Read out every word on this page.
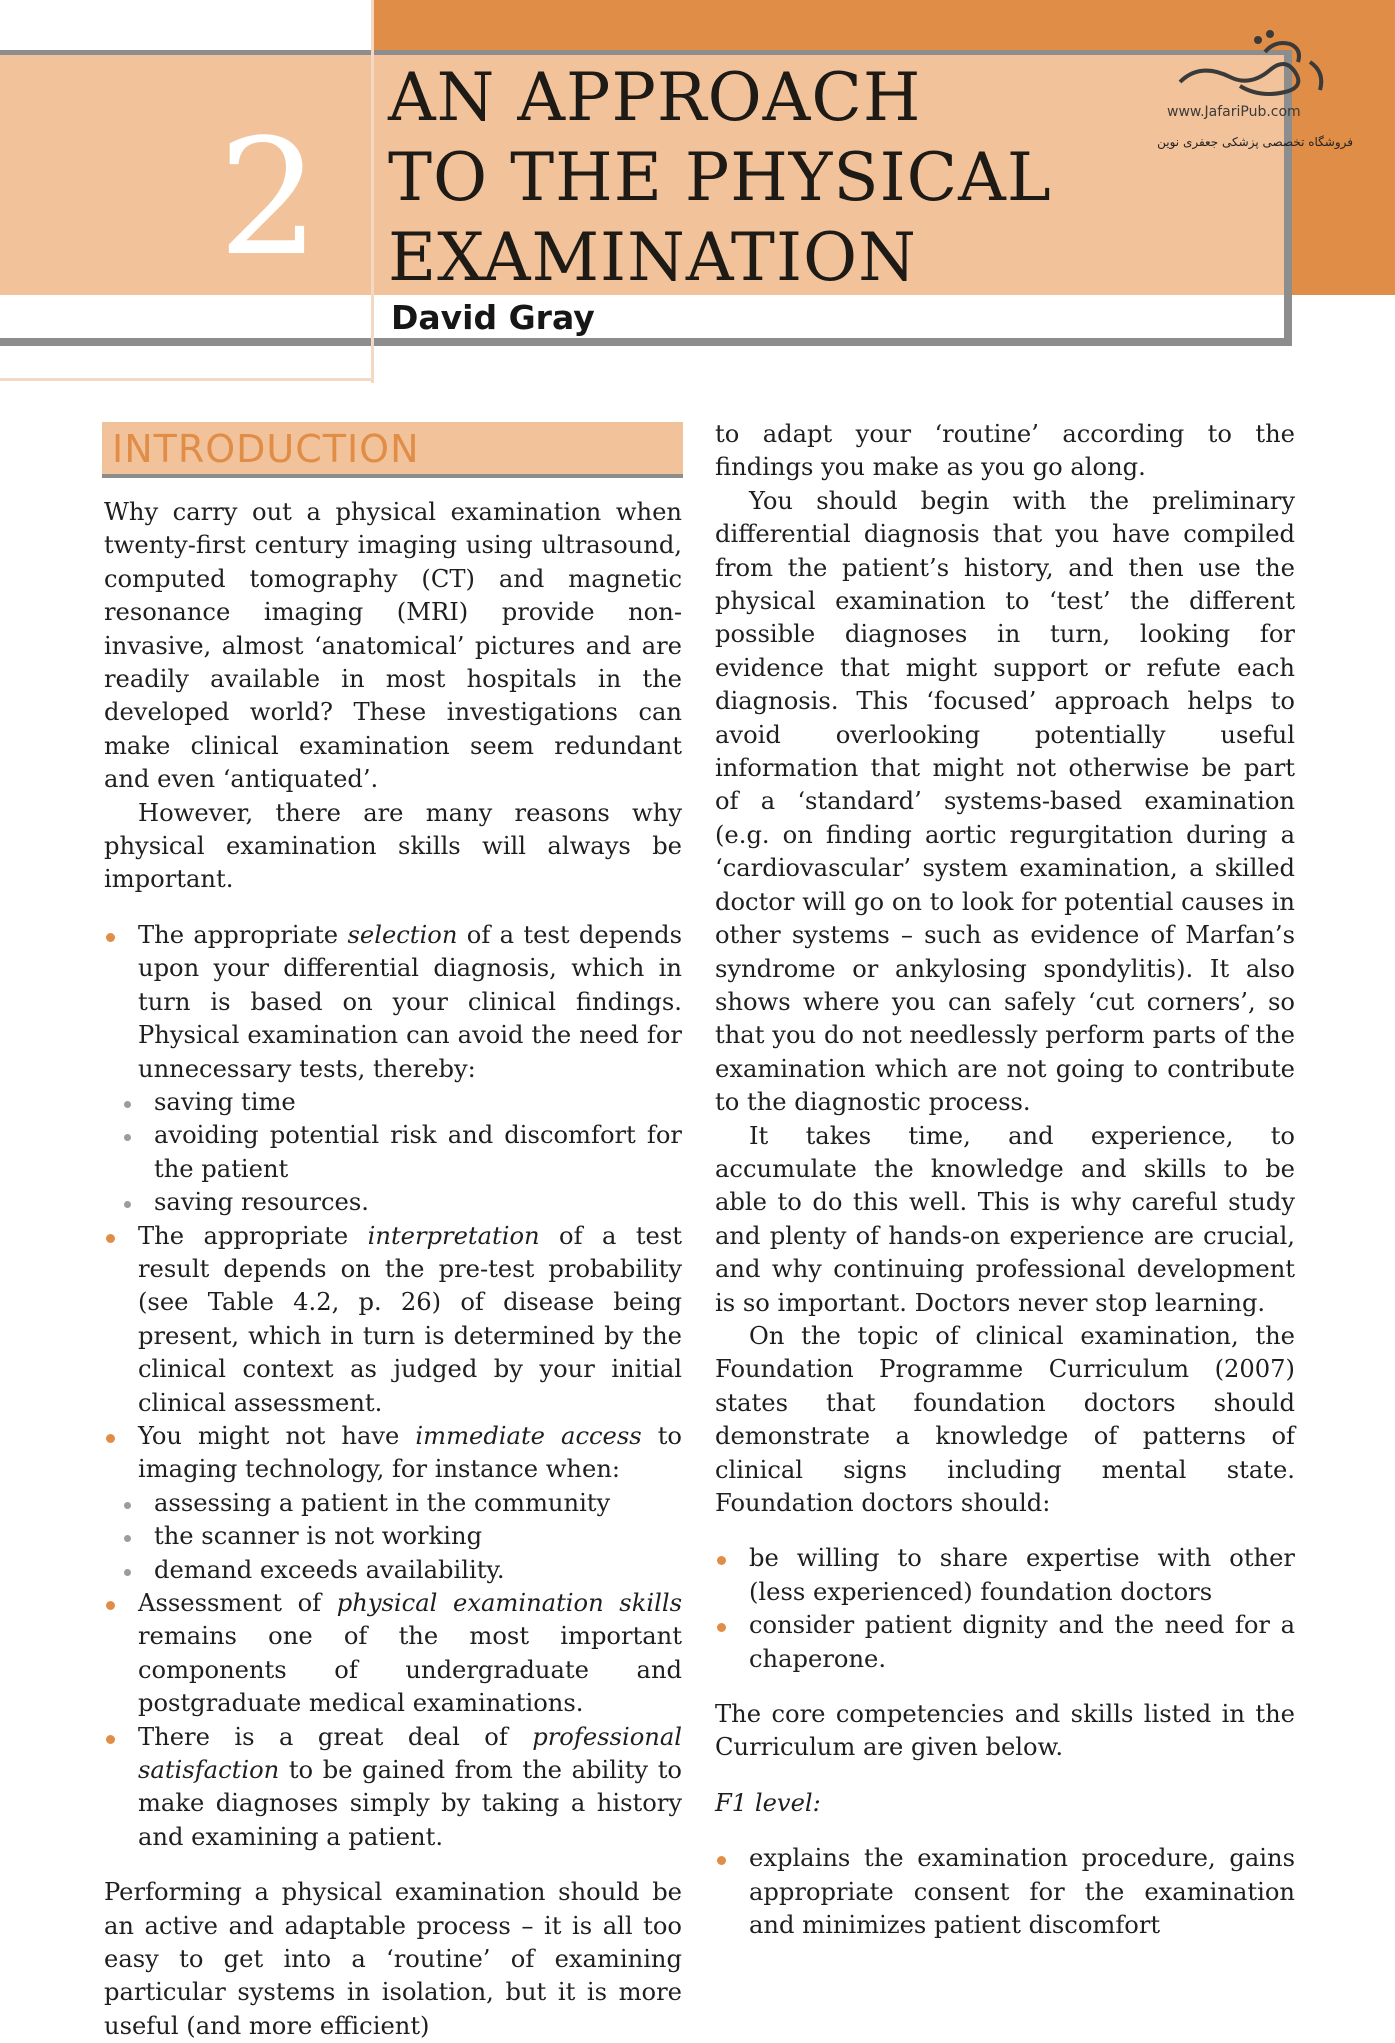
2
AN APPROACH
TO THE PHYSICAL
EXAMINATION
David Gray
www.JafariPub.com
فروشگاه تخصصی پزشکی جعفری نوین
INTRODUCTION

Why carry out a physical examination when twenty-first century imaging using ultrasound, computed tomography (CT) and magnetic resonance imaging (MRI) provide non-invasive, almost ‘anatomical’ pictures and are readily available in most hospitals in the developed world? These investigations can make clinical examination seem redundant and even ‘antiquated’.

However, there are many reasons why physical examination skills will always be important.

The appropriate selection of a test depends upon your differential diagnosis, which in turn is based on your clinical findings. Physical examination can avoid the need for unnecessary tests, thereby:
saving time
avoiding potential risk and discomfort for the patient
saving resources.
The appropriate interpretation of a test result depends on the pre-test probability (see Table 4.2, p. 26) of disease being present, which in turn is determined by the clinical context as judged by your initial clinical assessment.
You might not have immediate access to imaging technology, for instance when:
assessing a patient in the community
the scanner is not working
demand exceeds availability.
Assessment of physical examination skills remains one of the most important components of undergraduate and postgraduate medical examinations.
There is a great deal of professional satisfaction to be gained from the ability to make diagnoses simply by taking a history and examining a patient.

Performing a physical examination should be an active and adaptable process – it is all too easy to get into a ‘routine’ of examining particular systems in isolation, but it is more useful (and more efficient)

to adapt your ‘routine’ according to the findings you make as you go along.

You should begin with the preliminary differential diagnosis that you have compiled from the patient’s history, and then use the physical examination to ‘test’ the different possible diagnoses in turn, looking for evidence that might support or refute each diagnosis. This ‘focused’ approach helps to avoid overlooking potentially useful information that might not otherwise be part of a ‘standard’ systems-based examination (e.g. on finding aortic regurgitation during a ‘cardiovascular’ system examination, a skilled doctor will go on to look for potential causes in other systems – such as evidence of Marfan’s syndrome or ankylosing spondylitis). It also shows where you can safely ‘cut corners’, so that you do not needlessly perform parts of the examination which are not going to contribute to the diagnostic process.

It takes time, and experience, to accumulate the knowledge and skills to be able to do this well. This is why careful study and plenty of hands-on experience are crucial, and why continuing professional development is so important. Doctors never stop learning.

On the topic of clinical examination, the Foundation Programme Curriculum (2007) states that foundation doctors should demonstrate a knowledge of patterns of clinical signs including mental state. Foundation doctors should:

be willing to share expertise with other (less experienced) foundation doctors
consider patient dignity and the need for a chaperone.

The core competencies and skills listed in the Curriculum are given below.

F1 level:

explains the examination procedure, gains appropriate consent for the examination and minimizes patient discomfort
